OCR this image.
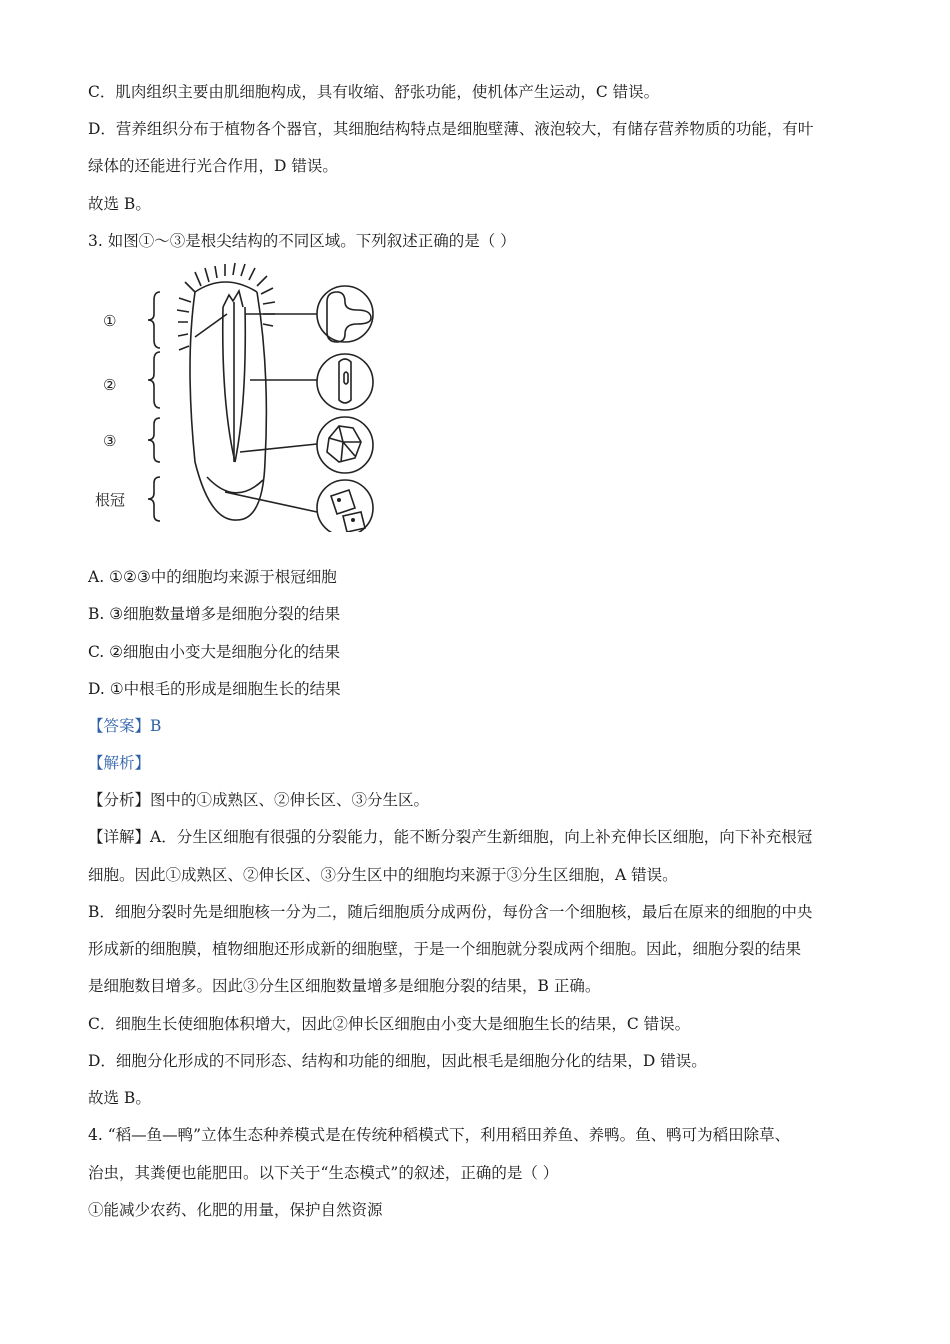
C．肌肉组织主要由肌细胞构成，具有收缩、舒张功能，使机体产生运动，C 错误。
D．营养组织分布于植物各个器官，其细胞结构特点是细胞壁薄、液泡较大，有储存营养物质的功能，有叶
绿体的还能进行光合作用，D 错误。
故选 B。
3. 如图①～③是根尖结构的不同区域。下列叙述正确的是（ ）
①
②
③
根冠
A. ①②③中的细胞均来源于根冠细胞
B. ③细胞数量增多是细胞分裂的结果
C. ②细胞由小变大是细胞分化的结果
D. ①中根毛的形成是细胞生长的结果
【答案】B
【解析】
【分析】图中的①成熟区、②伸长区、③分生区。
【详解】A．分生区细胞有很强的分裂能力，能不断分裂产生新细胞，向上补充伸长区细胞，向下补充根冠
细胞。因此①成熟区、②伸长区、③分生区中的细胞均来源于③分生区细胞，A 错误。
B．细胞分裂时先是细胞核一分为二，随后细胞质分成两份，每份含一个细胞核，最后在原来的细胞的中央
形成新的细胞膜，植物细胞还形成新的细胞壁，于是一个细胞就分裂成两个细胞。因此，细胞分裂的结果
是细胞数目增多。因此③分生区细胞数量增多是细胞分裂的结果，B 正确。
C．细胞生长使细胞体积增大，因此②伸长区细胞由小变大是细胞生长的结果，C 错误。
D．细胞分化形成的不同形态、结构和功能的细胞，因此根毛是细胞分化的结果，D 错误。
故选 B。
4. “稻—鱼—鸭”立体生态种养模式是在传统种稻模式下，利用稻田养鱼、养鸭。鱼、鸭可为稻田除草、
治虫，其粪便也能肥田。以下关于“生态模式”的叙述，正确的是（ ）
①能减少农药、化肥的用量，保护自然资源
